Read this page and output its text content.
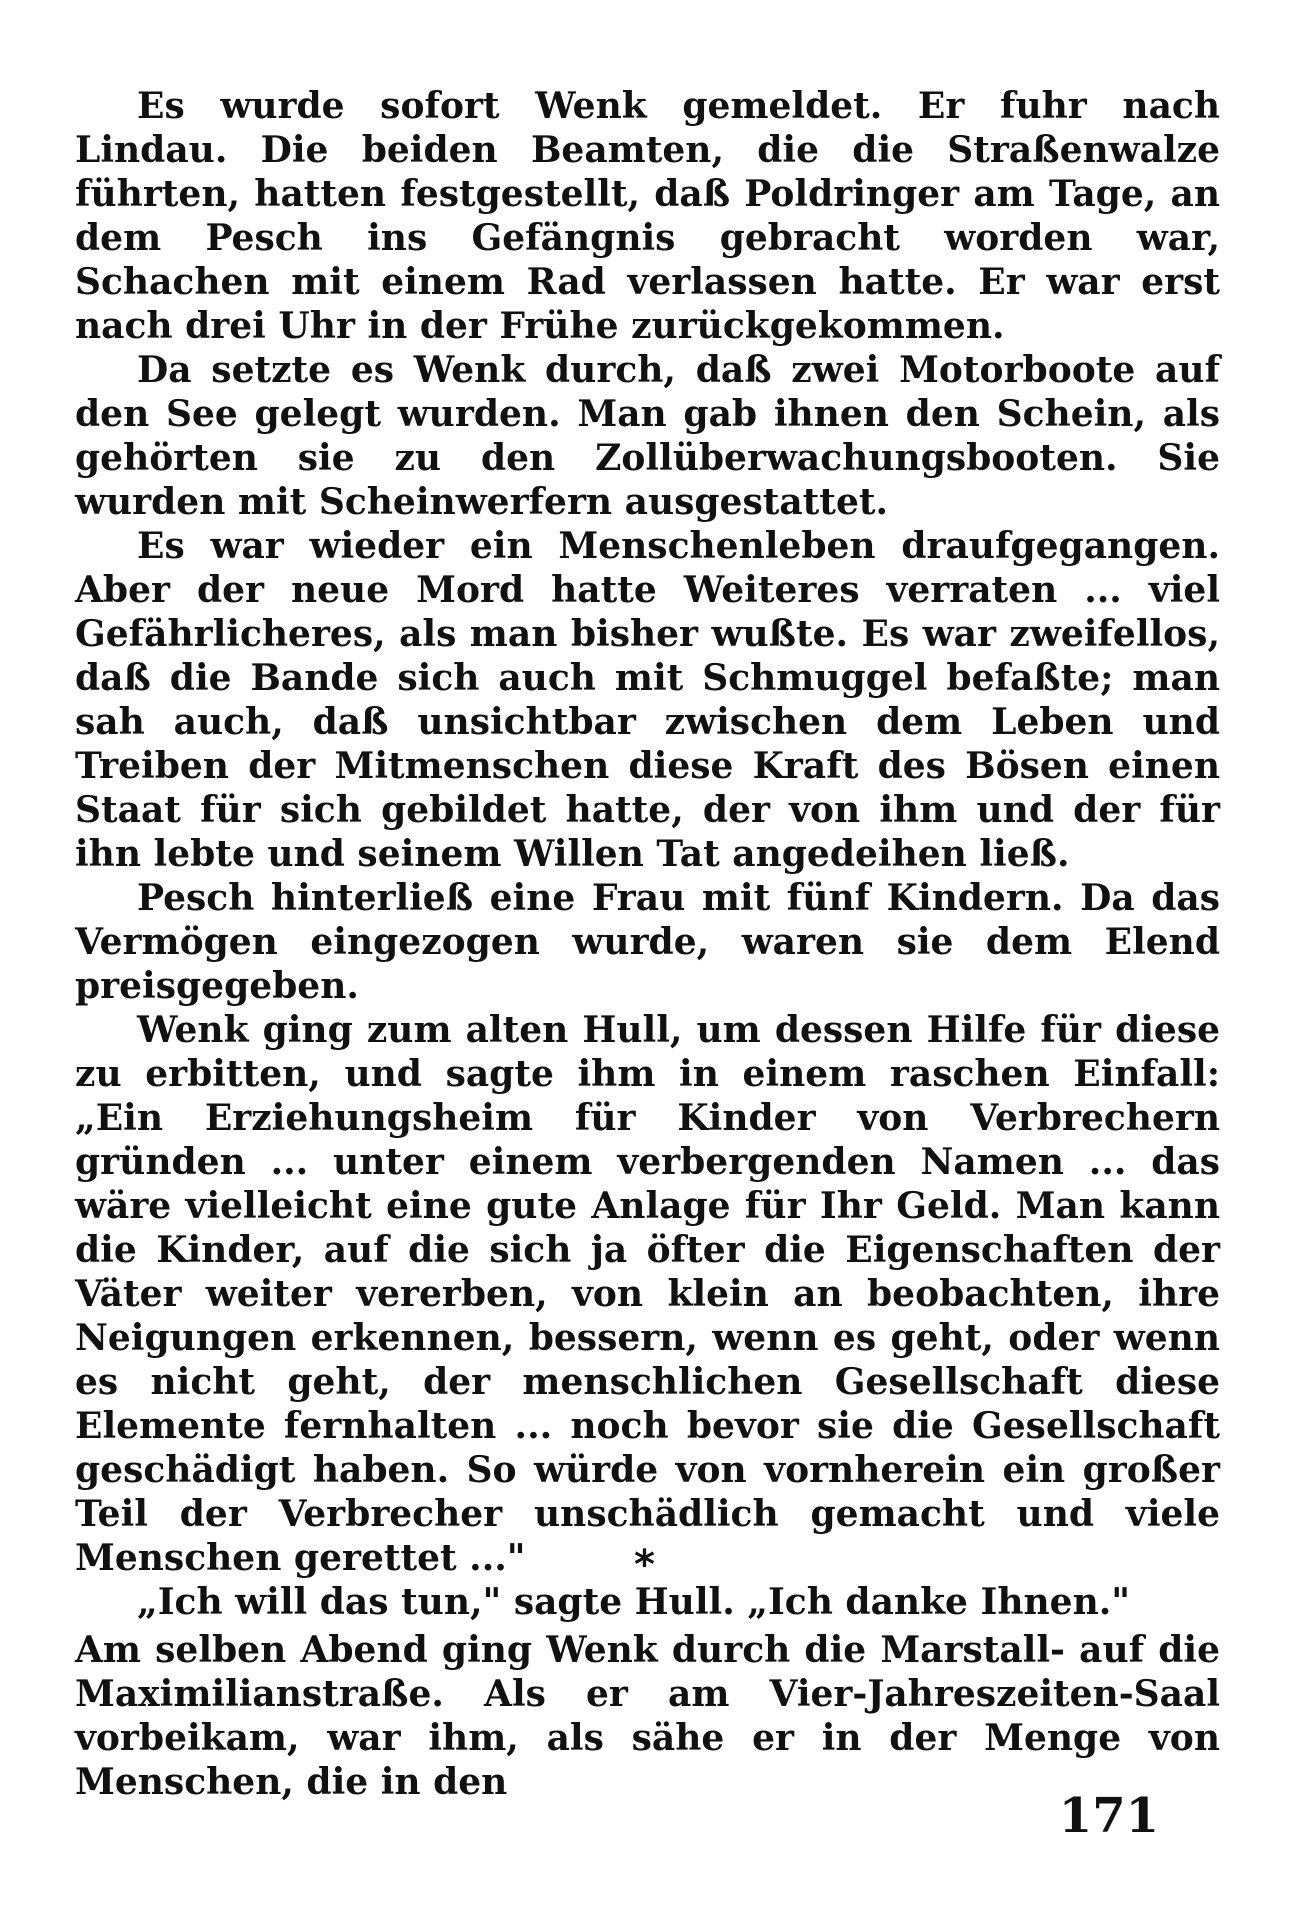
Es wurde sofort Wenk gemeldet. Er fuhr nach Lindau. Die beiden Beamten, die die Straßenwalze führten, hatten festgestellt, daß Poldringer am Tage, an dem Pesch ins Gefängnis gebracht worden war, Schachen mit einem Rad verlassen hatte. Er war erst nach drei Uhr in der Frühe zurückgekommen.

Da setzte es Wenk durch, daß zwei Motorboote auf den See gelegt wurden. Man gab ihnen den Schein, als gehörten sie zu den Zollüberwachungsbooten. Sie wurden mit Scheinwerfern ausgestattet.

Es war wieder ein Menschenleben draufgegangen. Aber der neue Mord hatte Weiteres verraten ... viel Gefährlicheres, als man bisher wußte. Es war zweifellos, daß die Bande sich auch mit Schmuggel befaßte; man sah auch, daß unsichtbar zwischen dem Leben und Treiben der Mitmenschen diese Kraft des Bösen einen Staat für sich gebildet hatte, der von ihm und der für ihn lebte und seinem Willen Tat angedeihen ließ.

Pesch hinterließ eine Frau mit fünf Kindern. Da das Vermögen eingezogen wurde, waren sie dem Elend preisgegeben.

Wenk ging zum alten Hull, um dessen Hilfe für diese zu erbitten, und sagte ihm in einem raschen Einfall: „Ein Erziehungsheim für Kinder von Verbrechern gründen ... unter einem verbergenden Namen ... das wäre vielleicht eine gute Anlage für Ihr Geld. Man kann die Kinder, auf die sich ja öfter die Eigenschaften der Väter weiter vererben, von klein an beobachten, ihre Neigungen erkennen, bessern, wenn es geht, oder wenn es nicht geht, der menschlichen Gesellschaft diese Elemente fernhalten ... noch bevor sie die Gesellschaft geschädigt haben. So würde von vornherein ein großer Teil der Verbrecher unschädlich gemacht und viele Menschen gerettet ..."

„Ich will das tun," sagte Hull. „Ich danke Ihnen."

*

Am selben Abend ging Wenk durch die Marstall- auf die Maximilianstraße. Als er am Vier-Jahreszeiten-Saal vorbeikam, war ihm, als sähe er in der Menge von Menschen, die in den

171
